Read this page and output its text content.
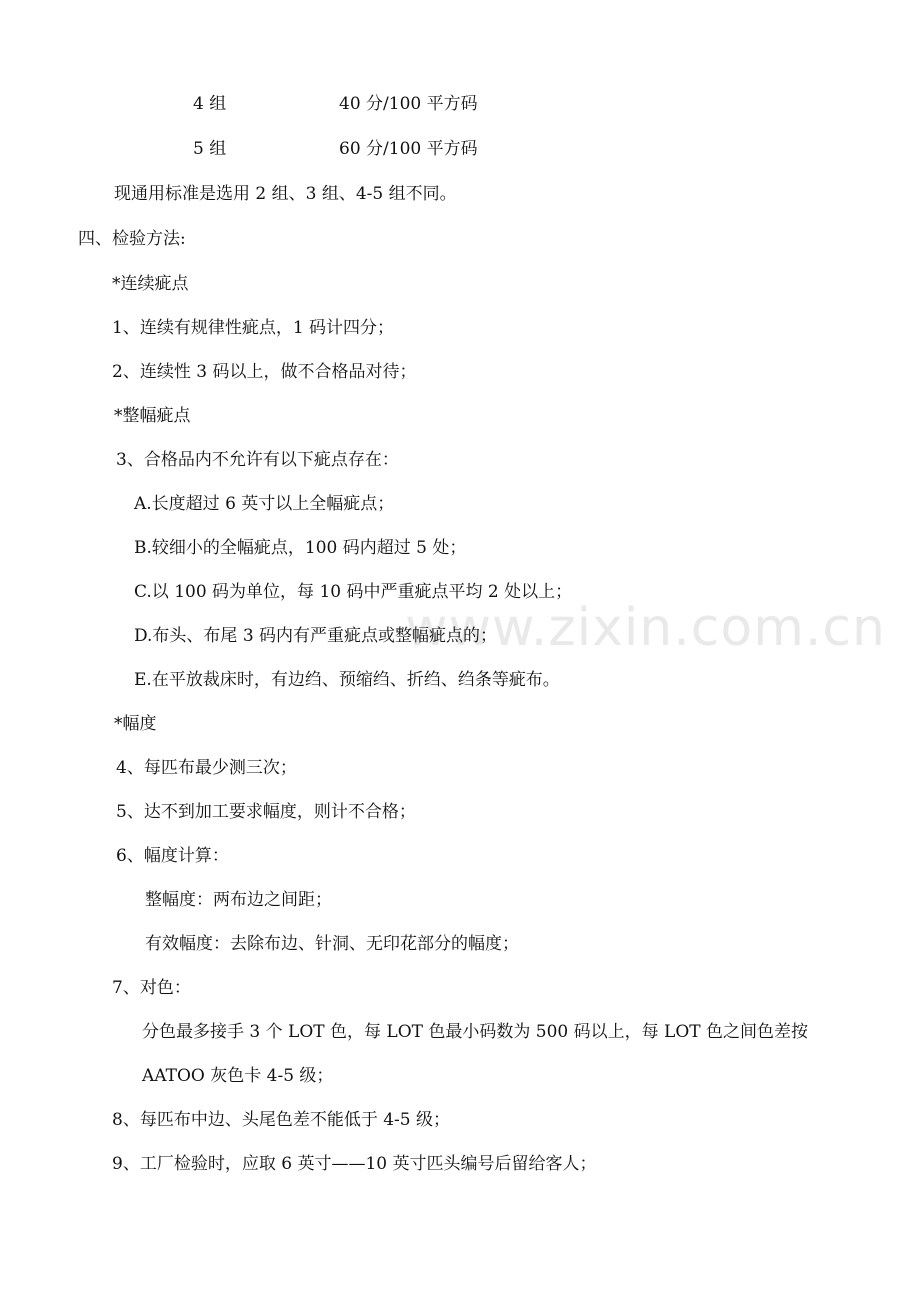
www.zixin.com.cn
4 组	40 分/100 平方码
5 组	60 分/100 平方码
现通用标准是选用 2 组、3 组、4-5 组不同。
四、检验方法:
*连续疵点
1、连续有规律性疵点，1 码计四分；
2、连续性 3 码以上，做不合格品对待；
*整幅疵点
3、合格品内不允许有以下疵点存在：
A.长度超过 6 英寸以上全幅疵点；
B.较细小的全幅疵点，100 码内超过 5 处；
C.以 100 码为单位，每 10 码中严重疵点平均 2 处以上；
D.布头、布尾 3 码内有严重疵点或整幅疵点的；
E.在平放裁床时，有边绉、预缩绉、折绉、绉条等疵布。
*幅度
4、每匹布最少测三次；
5、达不到加工要求幅度，则计不合格；
6、幅度计算：
整幅度：两布边之间距；
有效幅度：去除布边、针洞、无印花部分的幅度；
7、对色：
分色最多接手 3 个 LOT 色，每 LOT 色最小码数为 500 码以上，每 LOT 色之间色差按
AATOO 灰色卡 4-5 级；
8、每匹布中边、头尾色差不能低于 4-5 级；
9、工厂检验时，应取 6 英寸——10 英寸匹头编号后留给客人；
